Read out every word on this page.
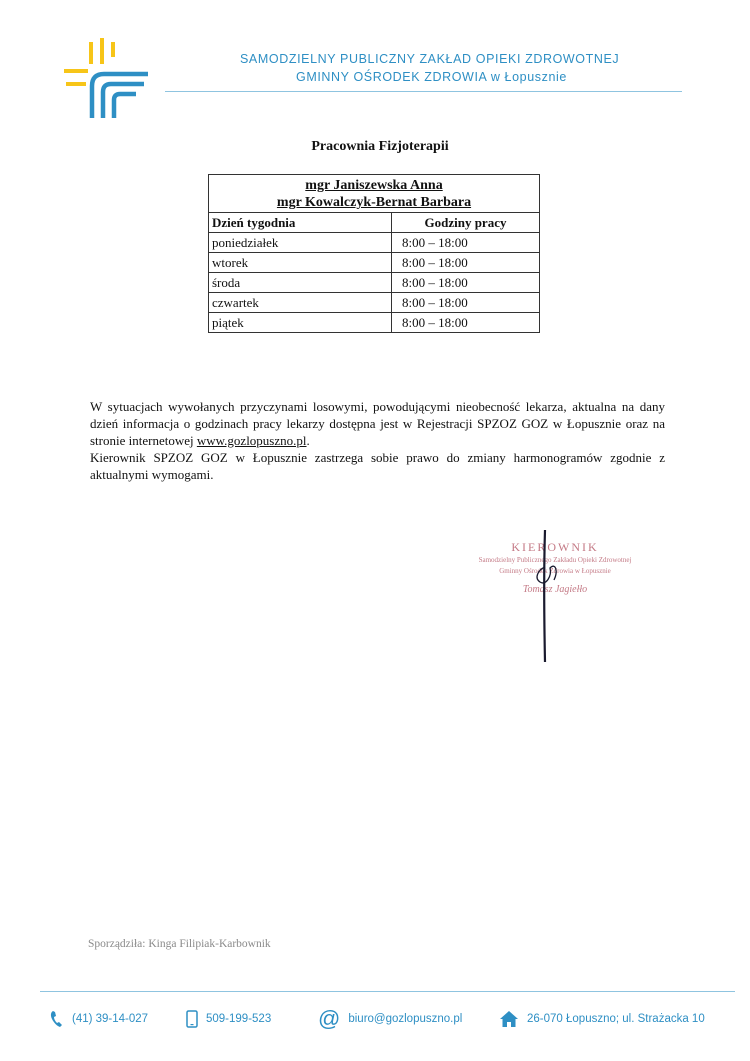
SAMODZIELNY PUBLICZNY ZAKŁAD OPIEKI ZDROWOTNEJ
GMINNY OŚRODEK ZDROWIA w Łopusznie
Pracownia Fizjoterapii
mgr Janiszewska Anna
mgr Kowalczyk-Bernat Barbara	

Dzień tygodnia	Godziny pracy
poniedziałek	8:00 – 18:00
wtorek	8:00 – 18:00
środa	8:00 – 18:00
czwartek	8:00 – 18:00
piątek	8:00 – 18:00

W sytuacjach wywołanych przyczynami losowymi, powodującymi nieobecność lekarza, aktualna na dany dzień informacja o godzinach pracy lekarzy dostępna jest w Rejestracji SPZOZ GOZ w Łopusznie oraz na stronie internetowej www.gozlopuszno.pl.

Kierownik SPZOZ GOZ w Łopusznie zastrzega sobie prawo do zmiany harmonogramów zgodnie z aktualnymi wymogami.

KIEROWNIK
Samodzielny Publicznego Zakładu Opieki Zdrowotnej
Gminny Ośrodek Zdrowia w Łopusznie
Tomasz Jagiełło
Sporządziła: Kinga Filipiak-Karbownik
(41) 39-14-027	509-199-523 @ biuro@gozlopuszno.pl	26-070 Łopuszno; ul. Strażacka 10
